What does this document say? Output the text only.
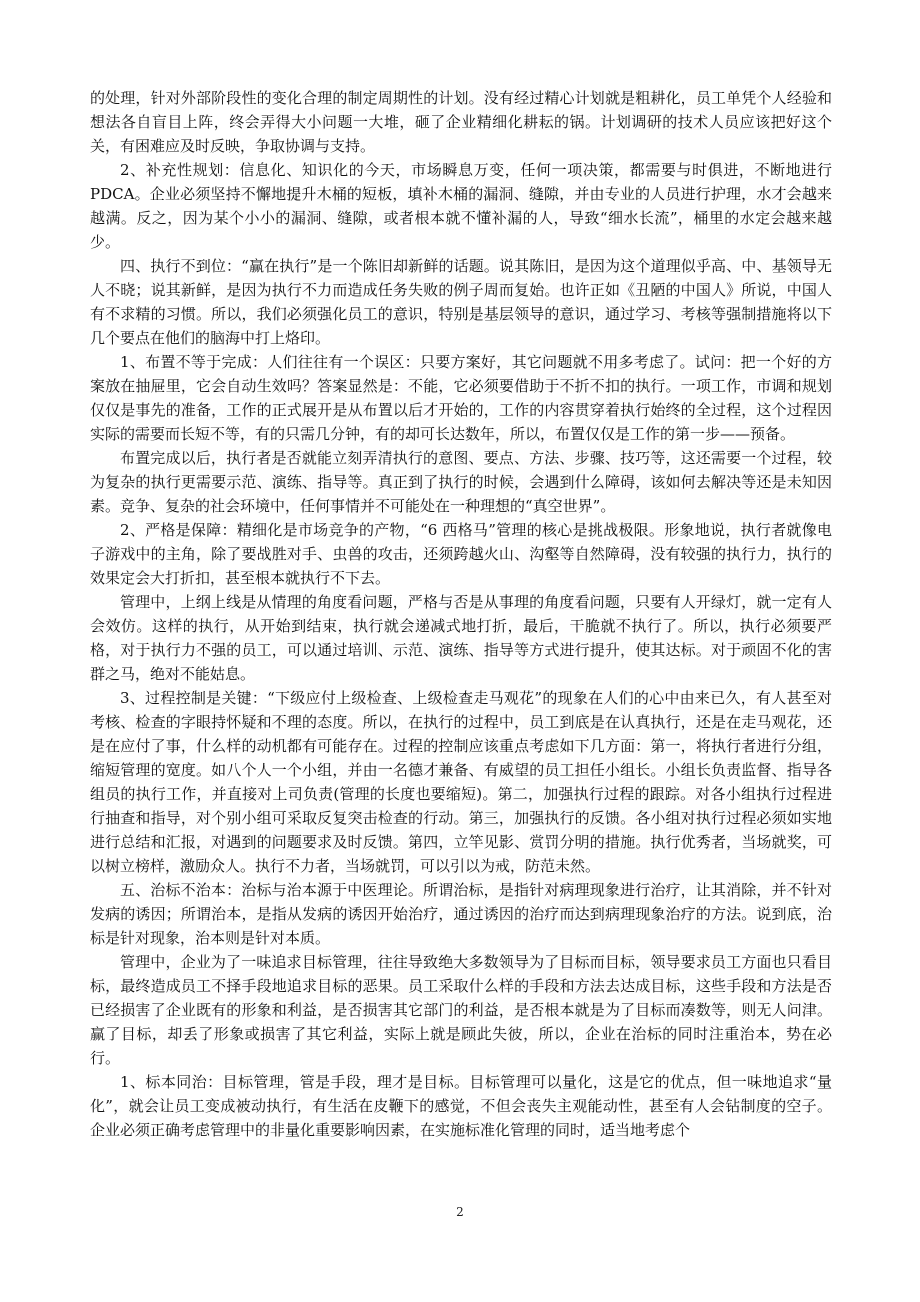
的处理，针对外部阶段性的变化合理的制定周期性的计划。没有经过精心计划就是粗耕化，员工单凭个人经验和想法各自盲目上阵，终会弄得大小问题一大堆，砸了企业精细化耕耘的锅。计划调研的技术人员应该把好这个关，有困难应及时反映，争取协调与支持。

2、补充性规划：信息化、知识化的今天，市场瞬息万变，任何一项决策，都需要与时俱进，不断地进行 PDCA。企业必须坚持不懈地提升木桶的短板，填补木桶的漏洞、缝隙，并由专业的人员进行护理，水才会越来越满。反之，因为某个小小的漏洞、缝隙，或者根本就不懂补漏的人，导致“细水长流”，桶里的水定会越来越少。

四、执行不到位：“赢在执行”是一个陈旧却新鲜的话题。说其陈旧，是因为这个道理似乎高、中、基领导无人不晓；说其新鲜，是因为执行不力而造成任务失败的例子周而复始。也许正如《丑陋的中国人》所说，中国人有不求精的习惯。所以，我们必须强化员工的意识，特别是基层领导的意识，通过学习、考核等强制措施将以下几个要点在他们的脑海中打上烙印。

1、布置不等于完成：人们往往有一个误区：只要方案好，其它问题就不用多考虑了。试问：把一个好的方案放在抽屉里，它会自动生效吗？答案显然是：不能，它必须要借助于不折不扣的执行。一项工作，市调和规划仅仅是事先的准备，工作的正式展开是从布置以后才开始的，工作的内容贯穿着执行始终的全过程，这个过程因实际的需要而长短不等，有的只需几分钟，有的却可长达数年，所以，布置仅仅是工作的第一步——预备。

布置完成以后，执行者是否就能立刻弄清执行的意图、要点、方法、步骤、技巧等，这还需要一个过程，较为复杂的执行更需要示范、演练、指导等。真正到了执行的时候，会遇到什么障碍，该如何去解决等还是未知因素。竞争、复杂的社会环境中，任何事情并不可能处在一种理想的“真空世界”。

2、严格是保障：精细化是市场竞争的产物，“6 西格马”管理的核心是挑战极限。形象地说，执行者就像电子游戏中的主角，除了要战胜对手、虫兽的攻击，还须跨越火山、沟壑等自然障碍，没有较强的执行力，执行的效果定会大打折扣，甚至根本就执行不下去。

管理中，上纲上线是从情理的角度看问题，严格与否是从事理的角度看问题，只要有人开绿灯，就一定有人会效仿。这样的执行，从开始到结束，执行就会递减式地打折，最后，干脆就不执行了。所以，执行必须要严格，对于执行力不强的员工，可以通过培训、示范、演练、指导等方式进行提升，使其达标。对于顽固不化的害群之马，绝对不能姑息。

3、过程控制是关键：“下级应付上级检查、上级检查走马观花”的现象在人们的心中由来已久，有人甚至对考核、检查的字眼持怀疑和不理的态度。所以，在执行的过程中，员工到底是在认真执行，还是在走马观花，还是在应付了事，什么样的动机都有可能存在。过程的控制应该重点考虑如下几方面：第一，将执行者进行分组，缩短管理的宽度。如八个人一个小组，并由一名德才兼备、有威望的员工担任小组长。小组长负责监督、指导各组员的执行工作，并直接对上司负责(管理的长度也要缩短)。第二，加强执行过程的跟踪。对各小组执行过程进行抽查和指导，对个别小组可采取反复突击检查的行动。第三，加强执行的反馈。各小组对执行过程必须如实地进行总结和汇报，对遇到的问题要求及时反馈。第四，立竿见影、赏罚分明的措施。执行优秀者，当场就奖，可以树立榜样，激励众人。执行不力者，当场就罚，可以引以为戒，防范未然。

五、治标不治本：治标与治本源于中医理论。所谓治标，是指针对病理现象进行治疗，让其消除，并不针对发病的诱因；所谓治本，是指从发病的诱因开始治疗，通过诱因的治疗而达到病理现象治疗的方法。说到底，治标是针对现象，治本则是针对本质。

管理中，企业为了一味追求目标管理，往往导致绝大多数领导为了目标而目标，领导要求员工方面也只看目标，最终造成员工不择手段地追求目标的恶果。员工采取什么样的手段和方法去达成目标，这些手段和方法是否已经损害了企业既有的形象和利益，是否损害其它部门的利益，是否根本就是为了目标而凑数等，则无人问津。赢了目标，却丢了形象或损害了其它利益，实际上就是顾此失彼，所以，企业在治标的同时注重治本，势在必行。

1、标本同治：目标管理，管是手段，理才是目标。目标管理可以量化，这是它的优点，但一味地追求“量化”，就会让员工变成被动执行，有生活在皮鞭下的感觉，不但会丧失主观能动性，甚至有人会钻制度的空子。企业必须正确考虑管理中的非量化重要影响因素，在实施标准化管理的同时，适当地考虑个

2
